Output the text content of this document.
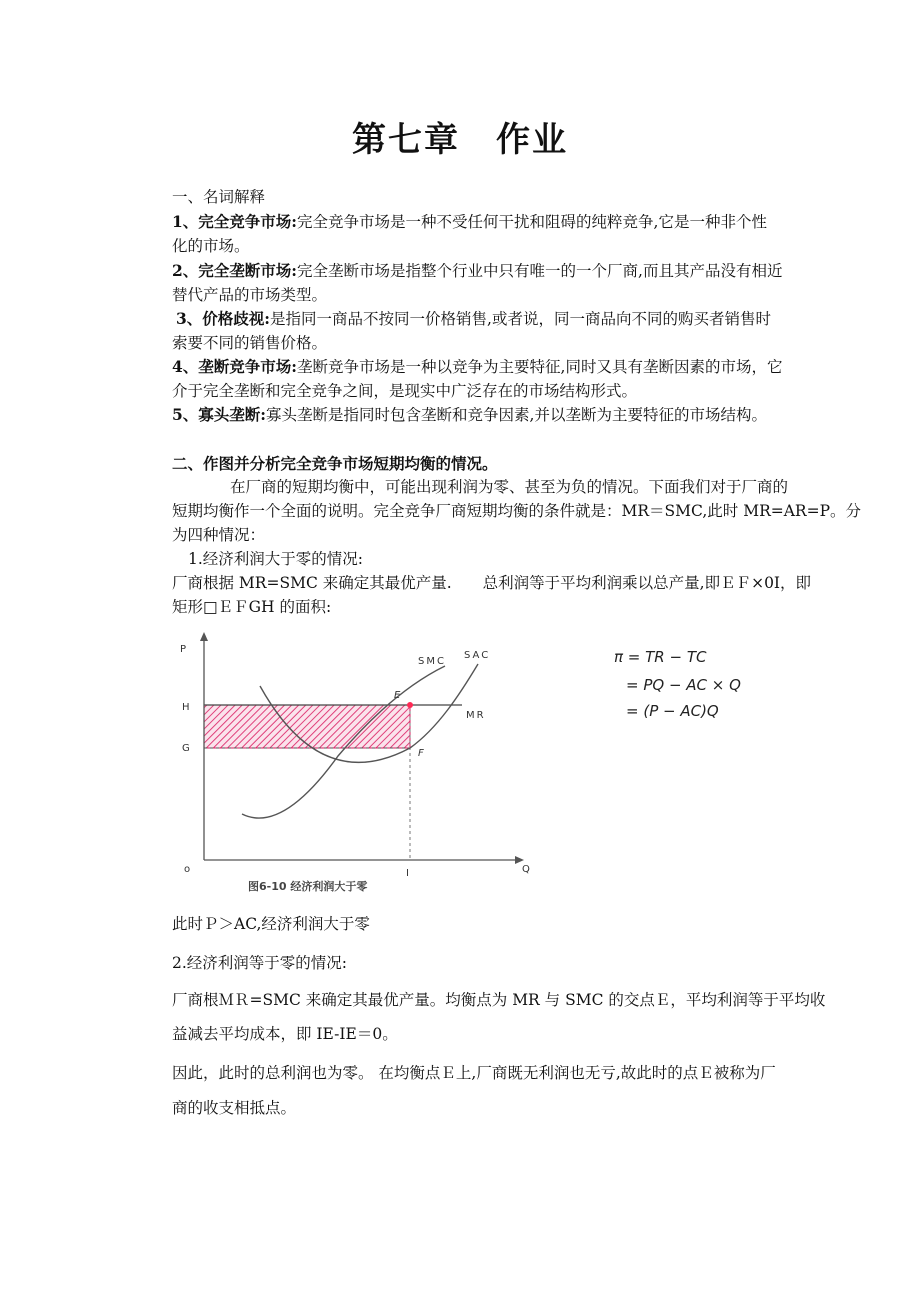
第七章　作业
一、名词解释
1、完全竞争市场:完全竞争市场是一种不受任何干扰和阻碍的纯粹竞争,它是一种非个性
化的市场。
2、完全垄断市场:完全垄断市场是指整个行业中只有唯一的一个厂商,而且其产品没有相近
替代产品的市场类型。
3、价格歧视:是指同一商品不按同一价格销售,或者说，同一商品向不同的购买者销售时
索要不同的销售价格。
4、垄断竞争市场:垄断竞争市场是一种以竞争为主要特征,同时又具有垄断因素的市场，它
介于完全垄断和完全竞争之间，是现实中广泛存在的市场结构形式。
5、寡头垄断:寡头垄断是指同时包含垄断和竞争因素,并以垄断为主要特征的市场结构。
二、作图并分析完全竞争市场短期均衡的情况。
在厂商的短期均衡中，可能出现利润为零、甚至为负的情况。下面我们对于厂商的
短期均衡作一个全面的说明。完全竞争厂商短期均衡的条件就是：MR＝SMC,此时 MR=AR=P。分
为四种情况：
1.经济利润大于零的情况:
厂商根据 MR=SMC 来确定其最优产量.　　总利润等于平均利润乘以总产量,即ＥＦ×0I，即
矩形□ＥＦGH 的面积:
P
H
G
o	Q
I
E
F
SMC
SAC
MR
图6-10 经济利润大于零
π = TR − TC
= PQ − AC × Q
= (P − AC)Q
此时Ｐ＞AC,经济利润大于零
2.经济利润等于零的情况:
厂商根ＭＲ=SMC 来确定其最优产量。均衡点为 MR 与 SMC 的交点Ｅ，平均利润等于平均收
益减去平均成本，即 IE-IE＝0。
因此，此时的总利润也为零。 在均衡点Ｅ上,厂商既无利润也无亏,故此时的点Ｅ被称为厂
商的收支相抵点。
